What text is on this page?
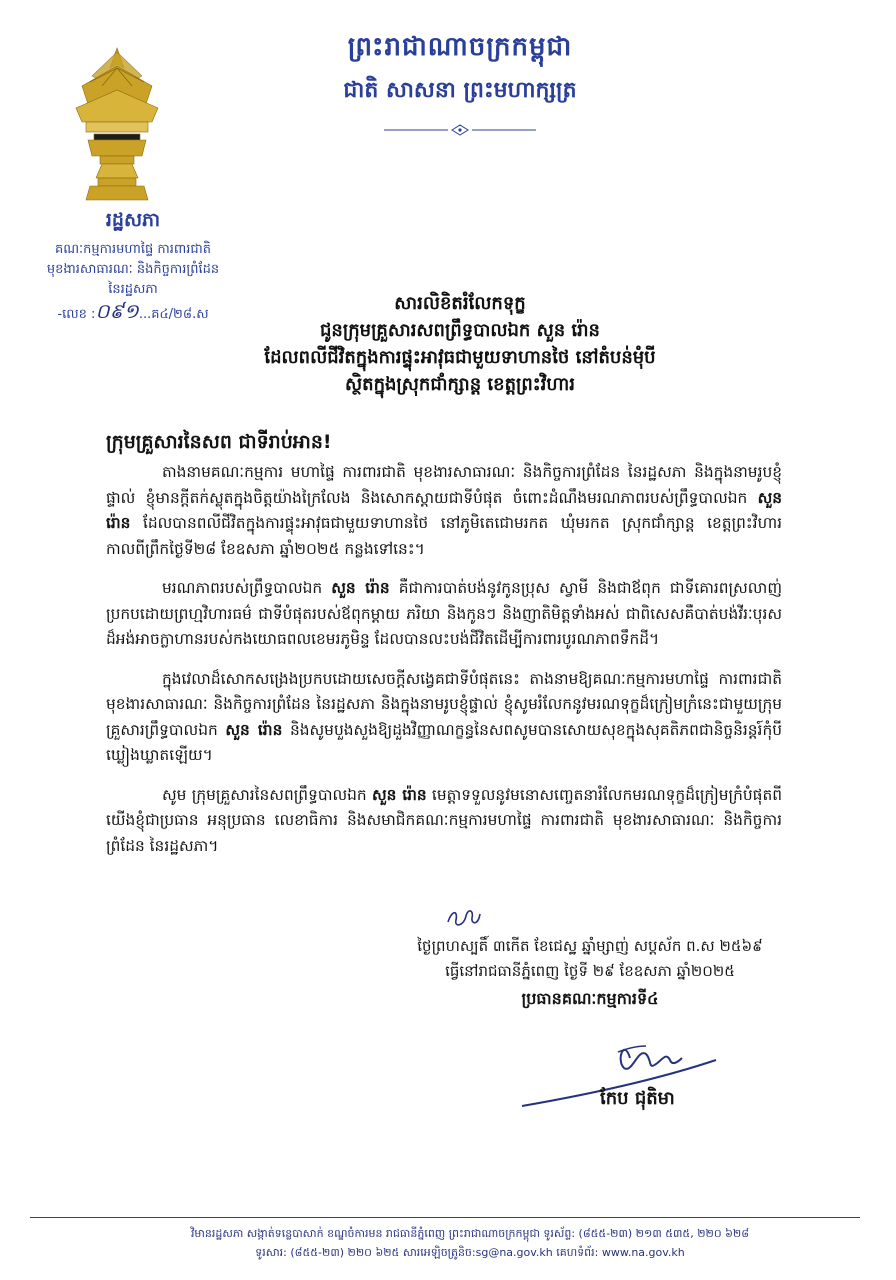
ព្រះរាជាណាចក្រកម្ពុជា
ជាតិ សាសនា ព្រះមហាក្សត្រ
រដ្ឋសភា
គណៈកម្មការមហាផ្ទៃ ការពារជាតិ
មុខងារសាធារណៈ និងកិច្ចការព្រំដែន
នៃរដ្ឋសភា
-លេខ :០៩១...គ៤/២៨.ស
សារលិខិតរំលែកទុក្ខ
ជូនក្រុមគ្រួសារសពព្រឹទ្ធបាលឯក សួន រ៉ោន
ដែលពលីជីវិតក្នុងការផ្ទុះអាវុធជាមួយទាហានថៃ នៅតំបន់មុំបី
ស្ថិតក្នុងស្រុកជាំក្សាន្ត ខេត្តព្រះវិហារ
ក្រុមគ្រួសារនៃសព ជាទីរាប់អាន!

តាងនាមគណៈកម្មការ មហាផ្ទៃ ការពារជាតិ មុខងារសាធារណៈ និងកិច្ចការព្រំដែន នៃរដ្ឋសភា និងក្នុងនាមរូបខ្ញុំផ្ទាល់ ខ្ញុំមានក្ដីតក់ស្លុតក្នុងចិត្តយ៉ាងក្រៃលែង និងសោកស្ដាយជាទីបំផុត ចំពោះដំណឹងមរណភាពរបស់ព្រឹទ្ធបាលឯក សួន រ៉ោន ដែលបានពលីជីវិតក្នុងការផ្ទុះអាវុធជាមួយទាហានថៃ នៅភូមិតេជោមរកត ឃុំមរកត ស្រុកជាំក្សាន្ត ខេត្តព្រះវិហារ កាលពីព្រឹកថ្ងៃទី២៨ ខែឧសភា ឆ្នាំ២០២៥ កន្លងទៅនេះ។

មរណភាពរបស់ព្រឹទ្ធបាលឯក សួន រ៉ោន គឺជាការបាត់បង់នូវកូនប្រុស ស្វាមី និងជាឪពុក ជាទីគោរពស្រលាញ់ ប្រកបដោយព្រហ្មវិហារធម៌ ជាទីបំផុតរបស់ឪពុកម្ដាយ ភរិយា និងកូនៗ និងញាតិមិត្តទាំងអស់ ជាពិសេសគឺបាត់បង់វីរៈបុរសដ៏អង់អាចក្លាហានរបស់កងយោធពលខេមរភូមិន្ទ ដែលបានលះបង់ជីវិតដើម្បីការពារបូរណភាពទឹកដី។

ក្នុងវេលាដ៏សោកសង្រេងប្រកបដោយសេចក្ដីសង្វេគជាទីបំផុតនេះ តាងនាមឱ្យគណៈកម្មការមហាផ្ទៃ ការពារជាតិ មុខងារសាធារណៈ និងកិច្ចការព្រំដែន នៃរដ្ឋសភា និងក្នុងនាមរូបខ្ញុំផ្ទាល់ ខ្ញុំសូមរំលែកនូវមរណទុក្ខដ៏ក្រៀមក្រំនេះជាមួយក្រុមគ្រួសារព្រឹទ្ធបាលឯក សួន រ៉ោន និងសូមបួងសួងឱ្យដួងវិញ្ញាណក្ខន្ធនៃសពសូមបានសោយសុខក្នុងសុគតិភពជានិច្ចនិរន្តរ៍កុំបីឃ្លៀងឃ្លាតឡើយ។

សូម ក្រុមគ្រួសារនៃសពព្រឹទ្ធបាលឯក សួន រ៉ោន មេត្តាទទួលនូវមនោសញ្ចេតនារំលែកមរណទុក្ខដ៏ក្រៀមក្រំបំផុតពីយើងខ្ញុំជាប្រធាន អនុប្រធាន លេខាធិការ និងសមាជិកគណៈកម្មការមហាផ្ទៃ ការពារជាតិ មុខងារសាធារណៈ និងកិច្ចការព្រំដែន នៃរដ្ឋសភា។

ថ្ងៃព្រហស្បតិ៍ ៣កើត ខែជេស្ឋ ឆ្នាំម្សាញ់ សប្តស័ក ព.ស ២៥៦៩
ធ្វើនៅរាជធានីភ្នំពេញ ថ្ងៃទី ២៩ ខែឧសភា ឆ្នាំ២០២៥
ប្រធានគណៈកម្មការទី៤
កែប ជុតិមា
វិមានរដ្ឋសភា សង្កាត់ទន្លេបាសាក់ ខណ្ឌចំការមន រាជធានីភ្នំពេញ ព្រះរាជាណាចក្រកម្ពុជា ទូរស័ព្ទ: (៨៥៥-២៣) ២១៣ ៥៣៥, ២២០ ៦២៨
ទូរសារ: (៨៥៥-២៣) ២២០ ៦២៥ សារអេឡិចត្រូនិច:sg@na.gov.kh គេហទំព័រ: www.na.gov.kh
